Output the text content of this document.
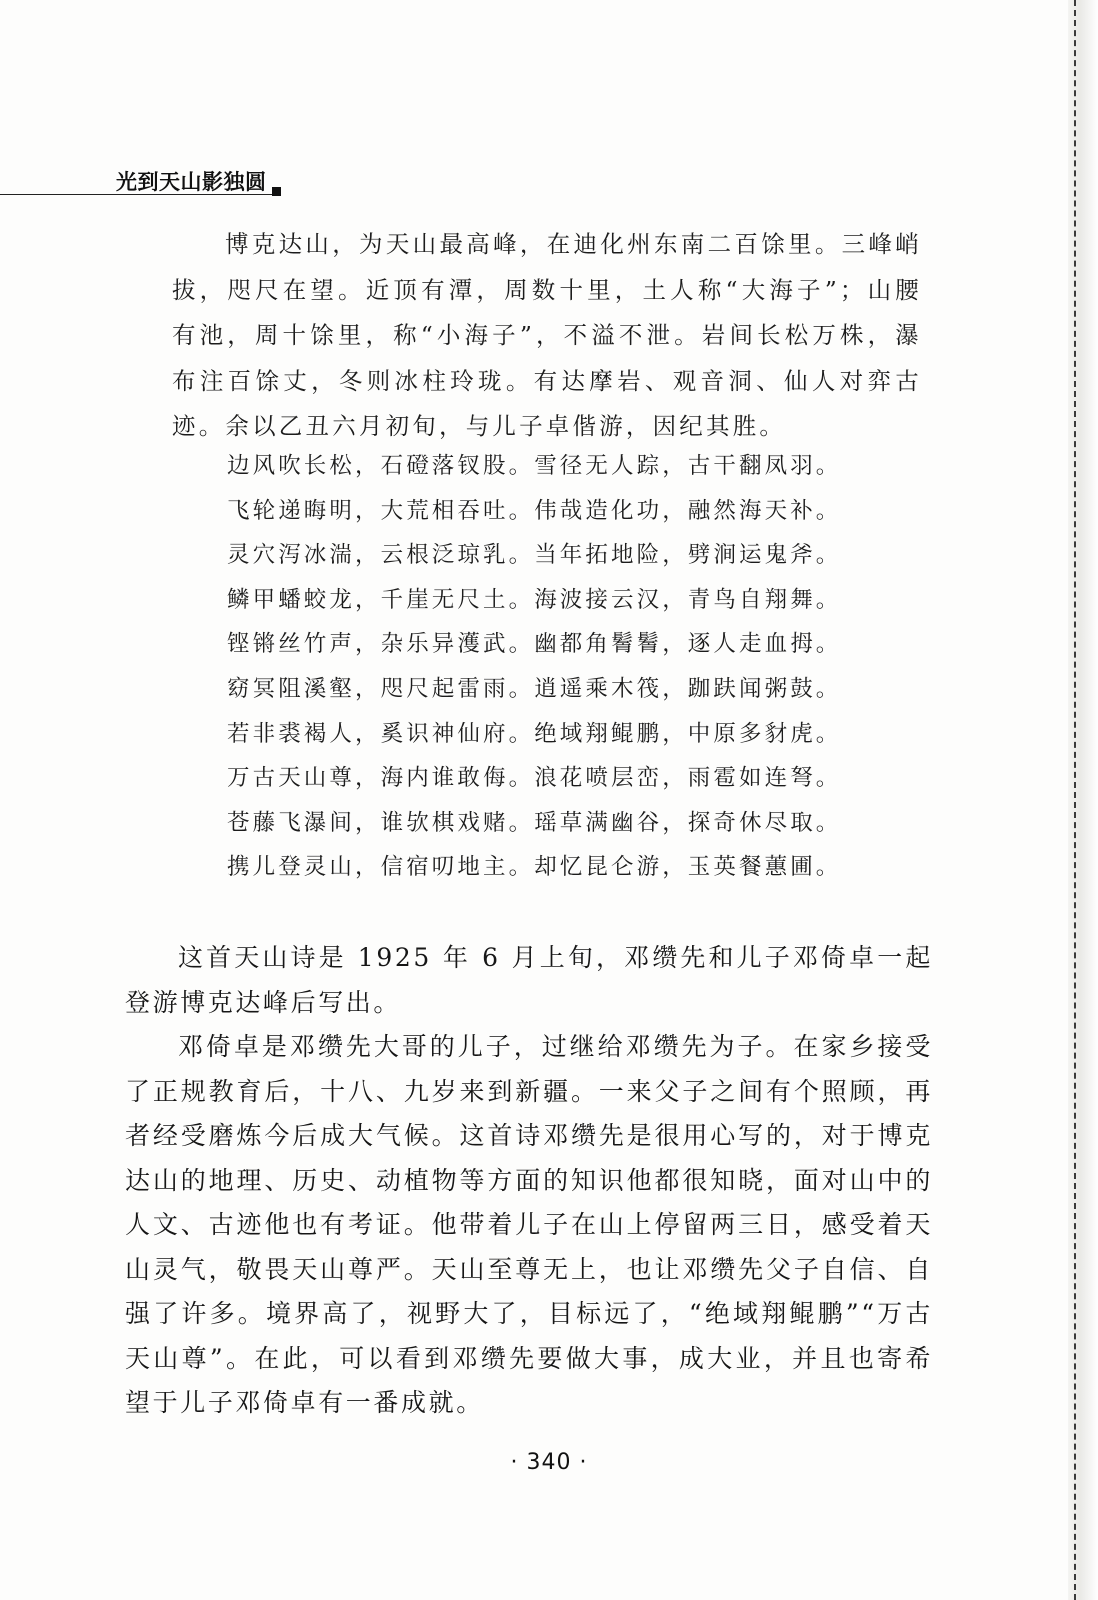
光到天山影独圆
博克达山，为天山最高峰，在迪化州东南二百馀里。三峰峭拔，咫尺在望。近顶有潭，周数十里，土人称“大海子”；山腰有池，周十馀里，称“小海子”，不溢不泄。岩间长松万株，瀑布注百馀丈，冬则冰柱玲珑。有达摩岩、观音洞、仙人对弈古迹。余以乙丑六月初旬，与儿子卓偕游，因纪其胜。
边风吹长松，石磴落钗股。雪径无人踪，古干翻凤羽。
飞轮递晦明，大荒相吞吐。伟哉造化功，融然海天补。
灵穴泻冰湍，云根泛琼乳。当年拓地险，劈涧运鬼斧。
鳞甲蟠蛟龙，千崖无尺土。海波接云汉，青鸟自翔舞。
铿锵丝竹声，杂乐异濩武。幽都角鬌鬌，逐人走血拇。
窈冥阻溪壑，咫尺起雷雨。逍遥乘木筏，跏趺闻粥鼓。
若非裘褐人，奚识神仙府。绝域翔鲲鹏，中原多豺虎。
万古天山尊，海内谁敢侮。浪花喷层峦，雨雹如连弩。
苍藤飞瀑间，谁欤棋戏赌。瑶草满幽谷，探奇休尽取。
携儿登灵山，信宿叨地主。却忆昆仑游，玉英餐蕙圃。

这首天山诗是 1925 年 6 月上旬，邓缵先和儿子邓倚卓一起登游博克达峰后写出。

邓倚卓是邓缵先大哥的儿子，过继给邓缵先为子。在家乡接受了正规教育后，十八、九岁来到新疆。一来父子之间有个照顾，再者经受磨炼今后成大气候。这首诗邓缵先是很用心写的，对于博克达山的地理、历史、动植物等方面的知识他都很知晓，面对山中的人文、古迹他也有考证。他带着儿子在山上停留两三日，感受着天山灵气，敬畏天山尊严。天山至尊无上，也让邓缵先父子自信、自强了许多。境界高了，视野大了，目标远了，“绝域翔鲲鹏”“万古天山尊”。在此，可以看到邓缵先要做大事，成大业，并且也寄希望于儿子邓倚卓有一番成就。

· 340 ·
